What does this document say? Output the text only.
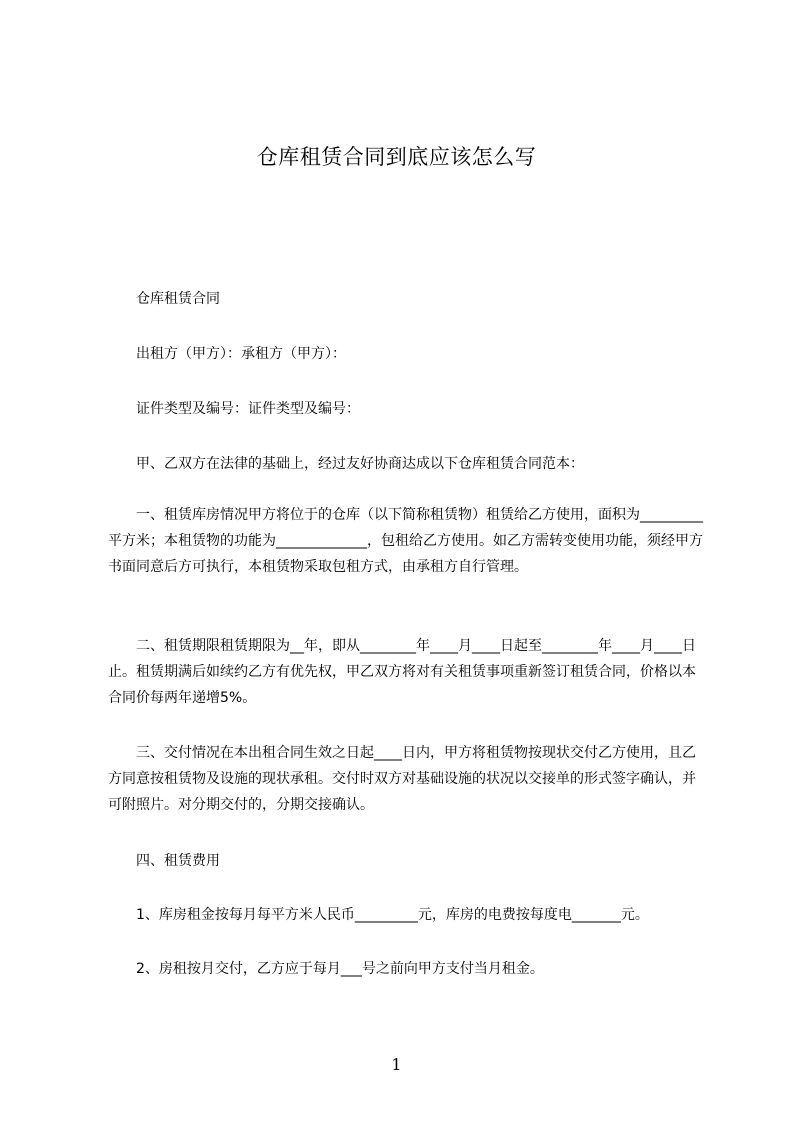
仓库租赁合同到底应该怎么写

仓库租赁合同

出租方（甲方）：承租方（甲方）：

证件类型及编号：证件类型及编号：

甲、乙双方在法律的基础上，经过友好协商达成以下仓库租赁合同范本：

一、租赁库房情况甲方将位于的仓库（以下简称租赁物）租赁给乙方使用，面积为_________平方米；本租赁物的功能为_____________，包租给乙方使用。如乙方需转变使用功能，须经甲方书面同意后方可执行，本租赁物采取包租方式，由承租方自行管理。

二、租赁期限租赁期限为__年，即从________年____月____日起至________年____月____日止。租赁期满后如续约乙方有优先权，甲乙双方将对有关租赁事项重新签订租赁合同，价格以本合同价每两年递增5%。

三、交付情况在本出租合同生效之日起____日内，甲方将租赁物按现状交付乙方使用，且乙方同意按租赁物及设施的现状承租。交付时双方对基础设施的状况以交接单的形式签字确认，并可附照片。对分期交付的，分期交接确认。

四、租赁费用

1、库房租金按每月每平方米人民币_________元，库房的电费按每度电_______元。

2、房租按月交付，乙方应于每月___号之前向甲方支付当月租金。

1
